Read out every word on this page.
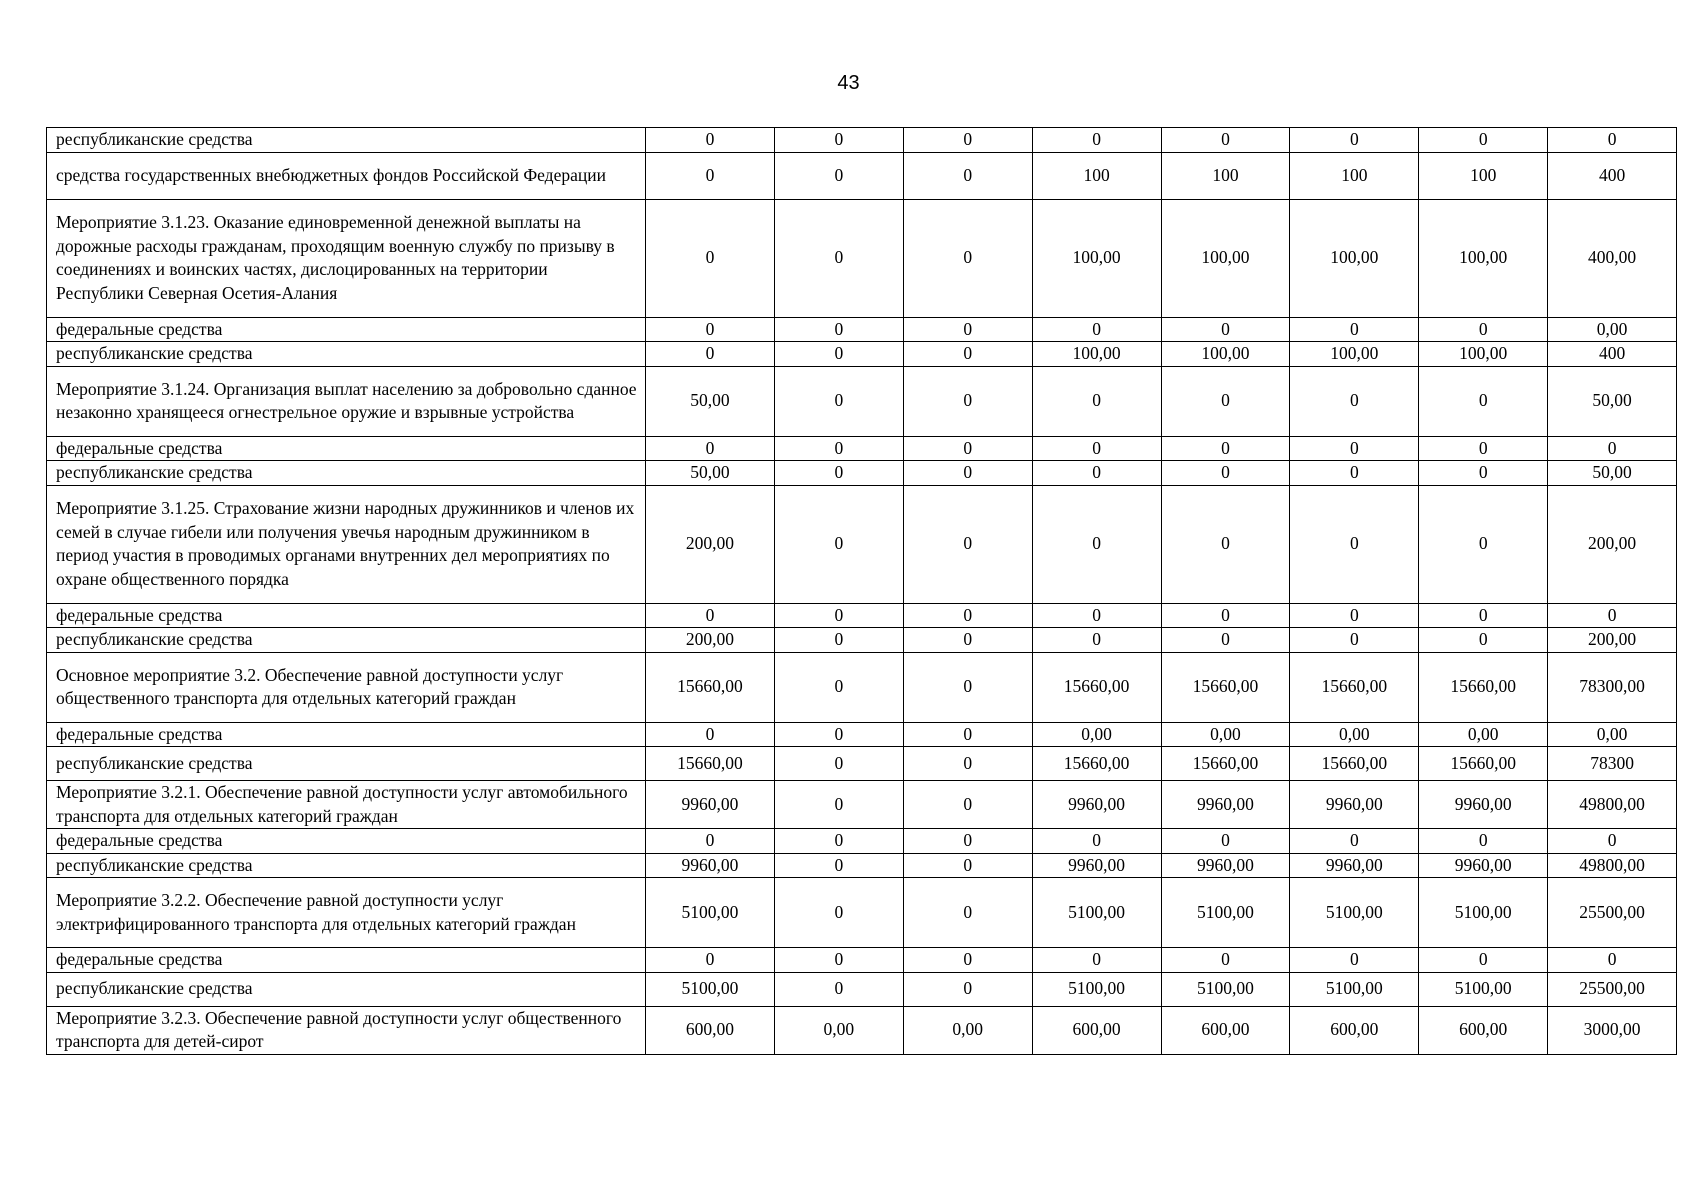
43
республиканские средства	0	0	0	0	0	0	0	0
средства государственных внебюджетных фондов Российской Федерации	0	0	0	100	100	100	100	400
Мероприятие 3.1.23. Оказание единовременной денежной выплаты на дорожные расходы гражданам, проходящим военную службу по призыву в соединениях и воинских частях, дислоцированных на территории Республики Северная Осетия-Алания	0	0	0	100,00	100,00	100,00	100,00	400,00
федеральные средства	0	0	0	0	0	0	0	0,00
республиканские средства	0	0	0	100,00	100,00	100,00	100,00	400
Мероприятие 3.1.24. Организация выплат населению за добровольно сданное незаконно хранящееся огнестрельное оружие и взрывные устройства	50,00	0	0	0	0	0	0	50,00
федеральные средства	0	0	0	0	0	0	0	0
республиканские средства	50,00	0	0	0	0	0	0	50,00
Мероприятие 3.1.25. Страхование жизни народных дружинников и членов их семей в случае гибели или получения увечья народным дружинником в период участия в проводимых органами внутренних дел мероприятиях по охране общественного порядка	200,00	0	0	0	0	0	0	200,00
федеральные средства	0	0	0	0	0	0	0	0
республиканские средства	200,00	0	0	0	0	0	0	200,00
Основное мероприятие 3.2. Обеспечение равной доступности услуг общественного транспорта для отдельных категорий граждан	15660,00	0	0	15660,00	15660,00	15660,00	15660,00	78300,00
федеральные средства	0	0	0	0,00	0,00	0,00	0,00	0,00
республиканские средства	15660,00	0	0	15660,00	15660,00	15660,00	15660,00	78300
Мероприятие 3.2.1. Обеспечение равной доступности услуг автомобильного транспорта для отдельных категорий граждан	9960,00	0	0	9960,00	9960,00	9960,00	9960,00	49800,00
федеральные средства	0	0	0	0	0	0	0	0
республиканские средства	9960,00	0	0	9960,00	9960,00	9960,00	9960,00	49800,00
Мероприятие 3.2.2. Обеспечение равной доступности услуг электрифицированного транспорта для отдельных категорий граждан	5100,00	0	0	5100,00	5100,00	5100,00	5100,00	25500,00
федеральные средства	0	0	0	0	0	0	0	0
республиканские средства	5100,00	0	0	5100,00	5100,00	5100,00	5100,00	25500,00
Мероприятие 3.2.3. Обеспечение равной доступности услуг общественного транспорта для детей-сирот	600,00	0,00	0,00	600,00	600,00	600,00	600,00	3000,00
